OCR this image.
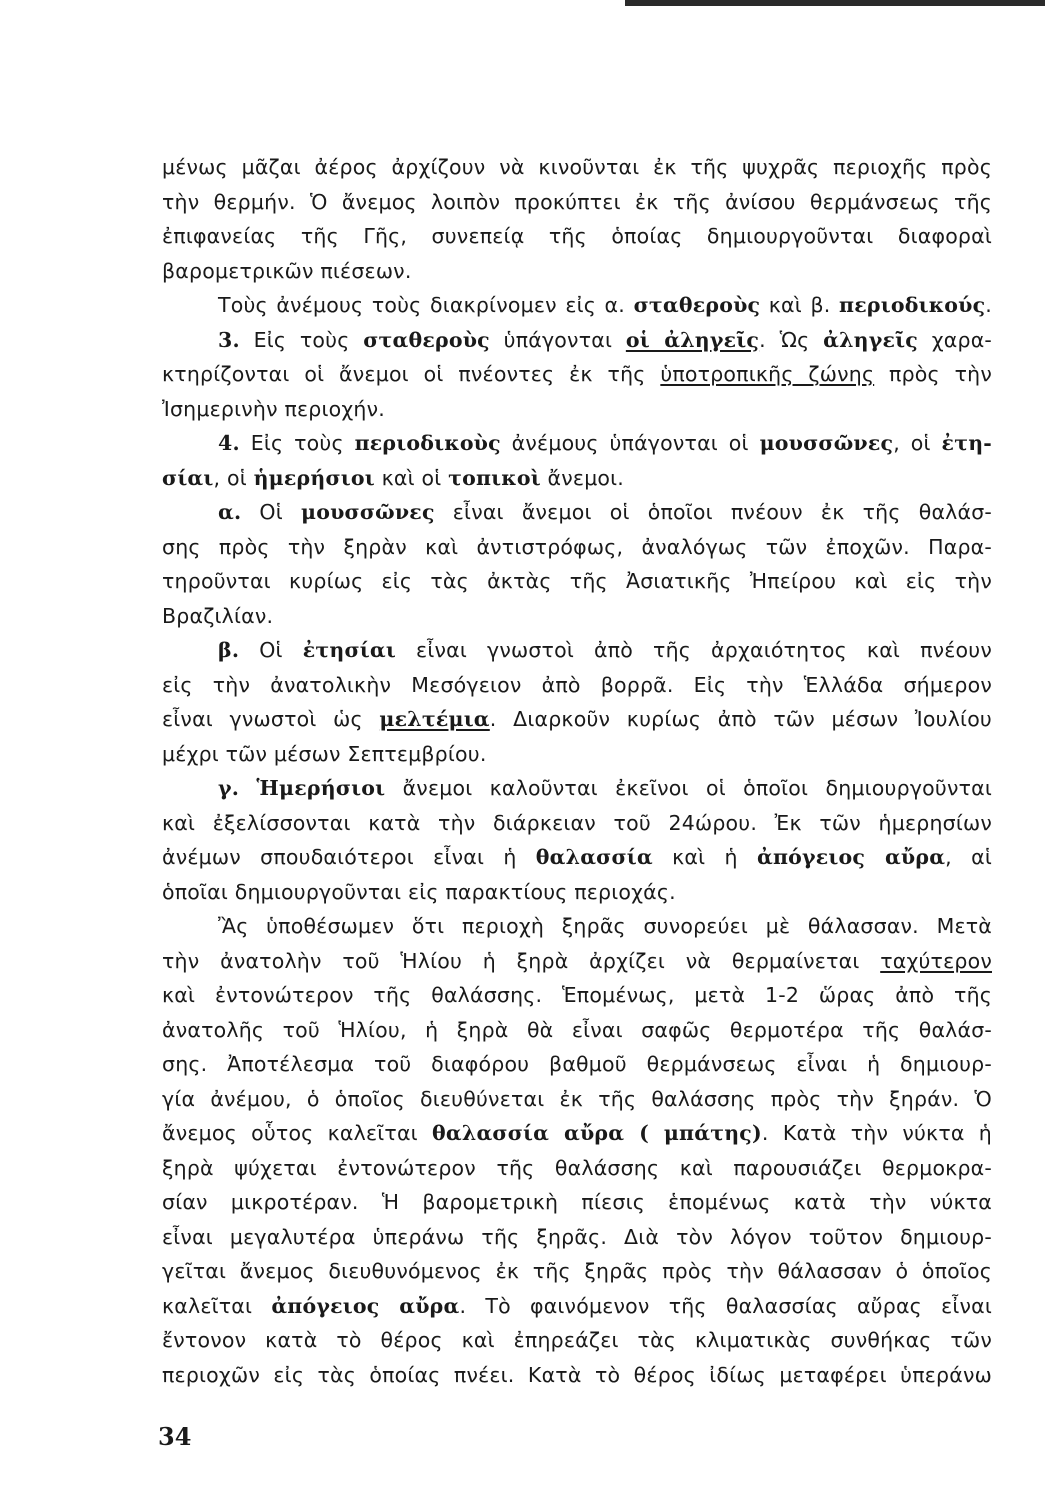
μένως μᾶζαι ἀέρος ἀρχίζουν νὰ κινοῦνται ἐκ τῆς ψυχρᾶς περιοχῆς πρὸς
τὴν θερμήν. Ὁ ἄνεμος λοιπὸν προκύπτει ἐκ τῆς ἀνίσου θερμάνσεως τῆς
ἐπιφανείας τῆς Γῆς, συνεπείᾳ τῆς ὁποίας δημιουργοῦνται διαφοραὶ
βαρομετρικῶν πιέσεων.
Τοὺς ἀνέμους τοὺς διακρίνομεν εἰς α. σταθεροὺς καὶ β. περιοδικούς.
3. Εἰς τοὺς σταθεροὺς ὑπάγονται οἱ ἀληγεῖς. Ὡς ἀληγεῖς χαρα-
κτηρίζονται οἱ ἄνεμοι οἱ πνέοντες ἐκ τῆς ὑποτροπικῆς ζώνης πρὸς τὴν
Ἰσημερινὴν περιοχήν.
4. Εἰς τοὺς περιοδικοὺς ἀνέμους ὑπάγονται οἱ μουσσῶνες, οἱ ἐτη-
σίαι, οἱ ἡμερήσιοι καὶ οἱ τοπικοὶ ἄνεμοι.
α. Οἱ μουσσῶνες εἶναι ἄνεμοι οἱ ὁποῖοι πνέουν ἐκ τῆς θαλάσ-
σης πρὸς τὴν ξηρὰν καὶ ἀντιστρόφως, ἀναλόγως τῶν ἐποχῶν. Παρα-
τηροῦνται κυρίως εἰς τὰς ἀκτὰς τῆς Ἀσιατικῆς Ἠπείρου καὶ εἰς τὴν
Βραζιλίαν.
β. Οἱ ἐτησίαι εἶναι γνωστοὶ ἀπὸ τῆς ἀρχαιότητος καὶ πνέουν
εἰς τὴν ἀνατολικὴν Μεσόγειον ἀπὸ βορρᾶ. Εἰς τὴν Ἑλλάδα σήμερον
εἶναι γνωστοὶ ὡς μελτέμια. Διαρκοῦν κυρίως ἀπὸ τῶν μέσων Ἰουλίου
μέχρι τῶν μέσων Σεπτεμβρίου.
γ. Ἡμερήσιοι ἄνεμοι καλοῦνται ἐκεῖνοι οἱ ὁποῖοι δημιουργοῦνται
καὶ ἐξελίσσονται κατὰ τὴν διάρκειαν τοῦ 24ώρου. Ἐκ τῶν ἡμερησίων
ἀνέμων σπουδαιότεροι εἶναι ἡ θαλασσία καὶ ἡ ἀπόγειος αὔρα, αἱ
ὁποῖαι δημιουργοῦνται εἰς παρακτίους περιοχάς.
Ἂς ὑποθέσωμεν ὅτι περιοχὴ ξηρᾶς συνορεύει μὲ θάλασσαν. Μετὰ
τὴν ἀνατολὴν τοῦ Ἡλίου ἡ ξηρὰ ἀρχίζει νὰ θερμαίνεται ταχύτερον
καὶ ἐντονώτερον τῆς θαλάσσης. Ἑπομένως, μετὰ 1-2 ὥρας ἀπὸ τῆς
ἀνατολῆς τοῦ Ἡλίου, ἡ ξηρὰ θὰ εἶναι σαφῶς θερμοτέρα τῆς θαλάσ-
σης. Ἀποτέλεσμα τοῦ διαφόρου βαθμοῦ θερμάνσεως εἶναι ἡ δημιουρ-
γία ἀνέμου, ὁ ὁποῖος διευθύνεται ἐκ τῆς θαλάσσης πρὸς τὴν ξηράν. Ὁ
ἄνεμος οὗτος καλεῖται θαλασσία αὔρα ( μπάτης). Κατὰ τὴν νύκτα ἡ
ξηρὰ ψύχεται ἐντονώτερον τῆς θαλάσσης καὶ παρουσιάζει θερμοκρα-
σίαν μικροτέραν. Ἡ βαρομετρικὴ πίεσις ἑπομένως κατὰ τὴν νύκτα
εἶναι μεγαλυτέρα ὑπεράνω τῆς ξηρᾶς. Διὰ τὸν λόγον τοῦτον δημιουρ-
γεῖται ἄνεμος διευθυνόμενος ἐκ τῆς ξηρᾶς πρὸς τὴν θάλασσαν ὁ ὁποῖος
καλεῖται ἀπόγειος αὔρα. Τὸ φαινόμενον τῆς θαλασσίας αὔρας εἶναι
ἔντονον κατὰ τὸ θέρος καὶ ἐπηρεάζει τὰς κλιματικὰς συνθήκας τῶν
περιοχῶν εἰς τὰς ὁποίας πνέει. Κατὰ τὸ θέρος ἰδίως μεταφέρει ὑπεράνω
34
